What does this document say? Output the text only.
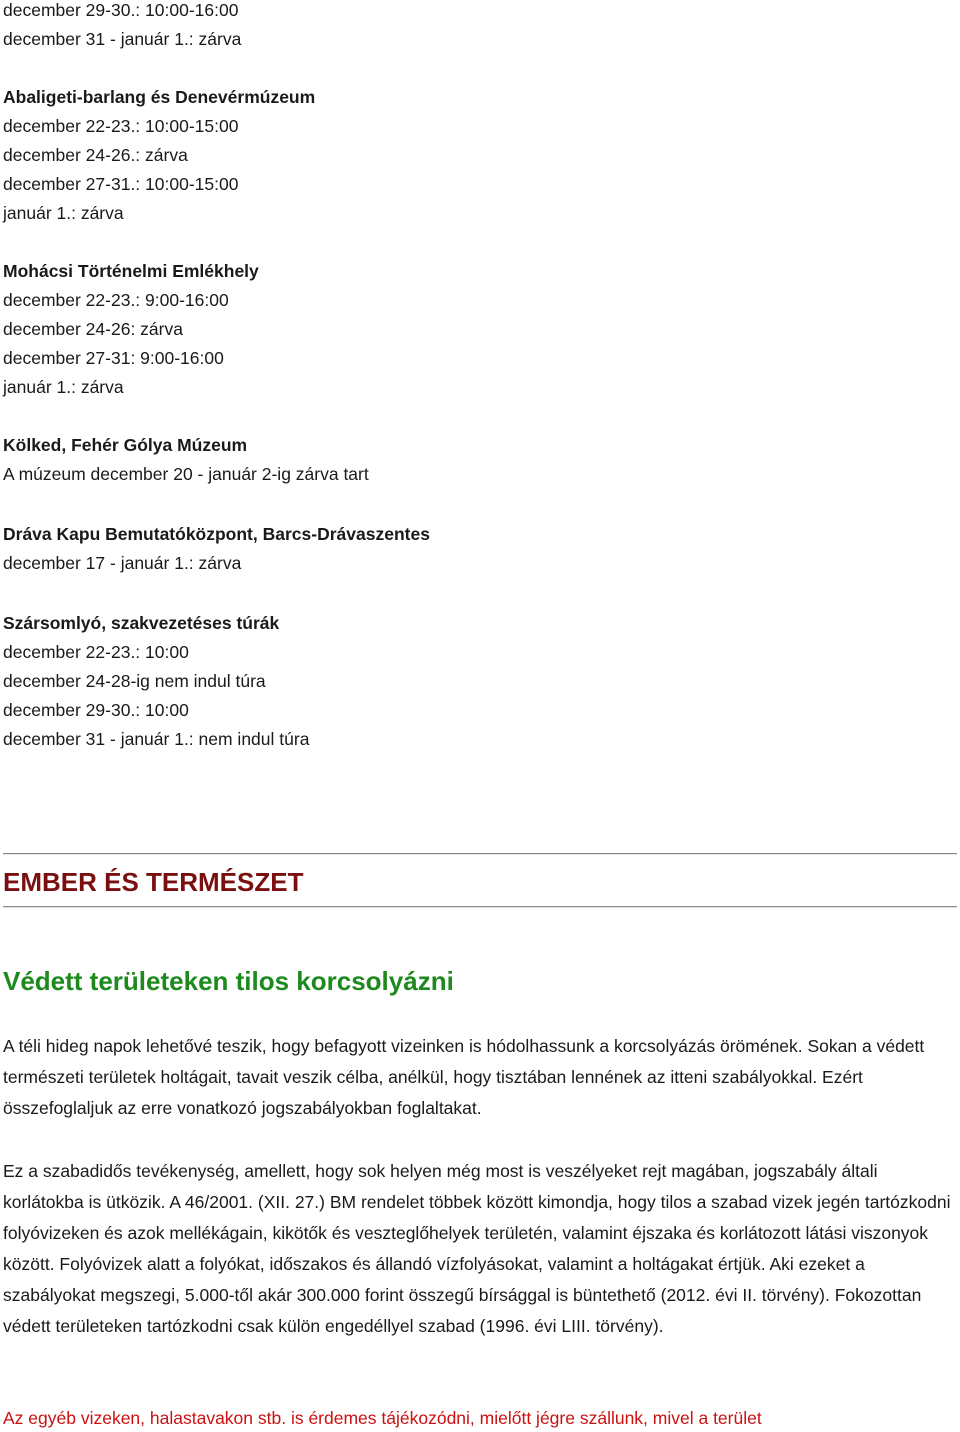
december 29-30.: 10:00-16:00
december 31 - január 1.: zárva
Abaligeti-barlang és Denevérmúzeum
december 22-23.: 10:00-15:00
december 24-26.: zárva
december 27-31.: 10:00-15:00
január 1.: zárva
Mohácsi Történelmi Emlékhely
december 22-23.: 9:00-16:00
december 24-26: zárva
december 27-31: 9:00-16:00
január 1.: zárva
Kölked, Fehér Gólya Múzeum
A múzeum december 20 - január 2-ig zárva tart
Dráva Kapu Bemutatóközpont, Barcs-Drávaszentes
december 17 - január 1.: zárva
Szársomlyó, szakvezetéses túrák
december 22-23.: 10:00
december 24-28-ig nem indul túra
december 29-30.: 10:00
december 31 - január 1.: nem indul túra
EMBER ÉS TERMÉSZET
Védett területeken tilos korcsolyázni

A téli hideg napok lehetővé teszik, hogy befagyott vizeinken is hódolhassunk a korcsolyázás örömének. Sokan a védett természeti területek holtágait, tavait veszik célba, anélkül, hogy tisztában lennének az itteni szabályokkal. Ezért összefoglaljuk az erre vonatkozó jogszabályokban foglaltakat.

Ez a szabadidős tevékenység, amellett, hogy sok helyen még most is veszélyeket rejt magában, jogszabály általi korlátokba is ütközik. A 46/2001. (XII. 27.) BM rendelet többek között kimondja, hogy tilos a szabad vizek jegén tartózkodni folyóvizeken és azok mellékágain, kikötők és veszteglőhelyek területén, valamint éjszaka és korlátozott látási viszonyok között. Folyóvizek alatt a folyókat, időszakos és állandó vízfolyásokat, valamint a holtágakat értjük. Aki ezeket a szabályokat megszegi, 5.000-től akár 300.000 forint összegű bírsággal is büntethető (2012. évi II. törvény). Fokozottan védett területeken tartózkodni csak külön engedéllyel szabad (1996. évi LIII. törvény).

Az egyéb vizeken, halastavakon stb. is érdemes tájékozódni, mielőtt jégre szállunk, mivel a terület
